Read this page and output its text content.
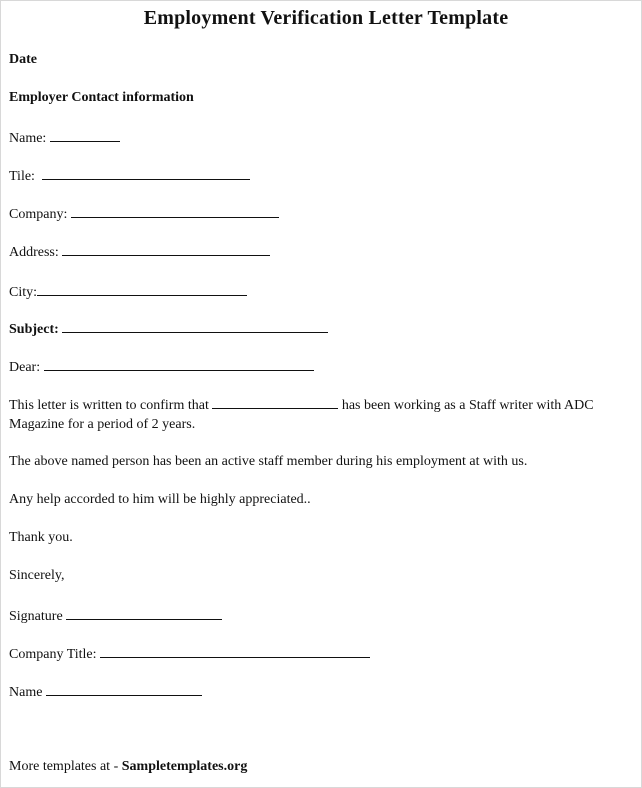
Employment Verification Letter Template
Date
Employer Contact information
Name:
Tile:
Company:
Address:
City:
Subject:
Dear:
This letter is written to confirm that	has been working as a Staff writer with ADC
Magazine for a period of 2 years.
The above named person has been an active staff member during his employment at with us.
Any help accorded to him will be highly appreciated..
Thank you.
Sincerely,
Signature
Company Title:
Name
More templates at - Sampletemplates.org
